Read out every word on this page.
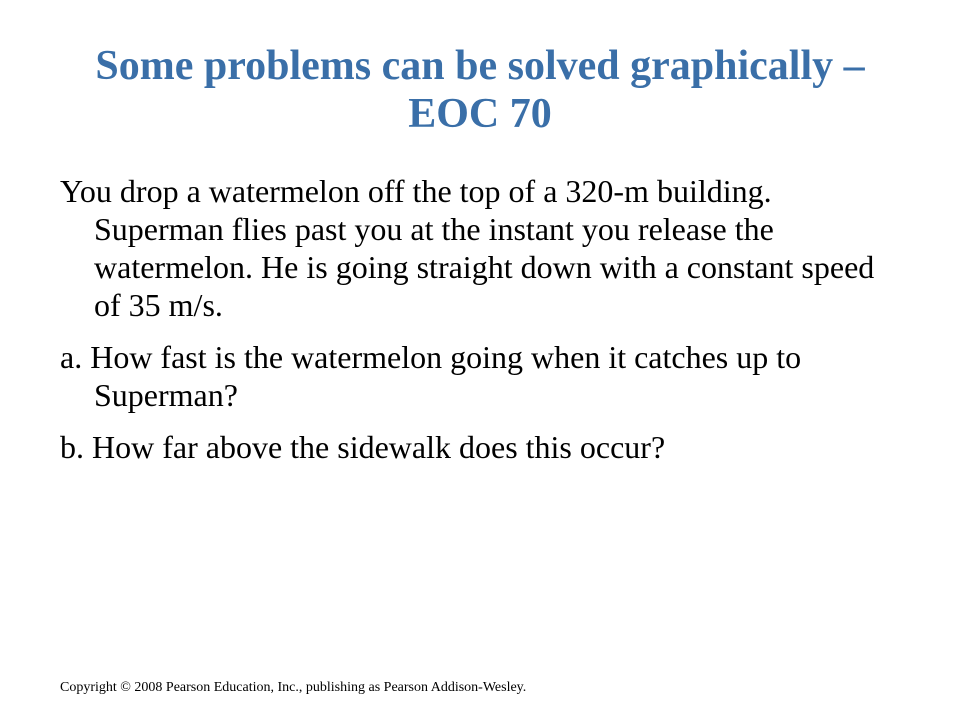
Some problems can be solved graphically –
EOC 70

You drop a watermelon off the top of a 320-m building. Superman flies past you at the instant you release the watermelon. He is going straight down with a constant speed of 35 m/s.

a. How fast is the watermelon going when it catches up to Superman?

b. How far above the sidewalk does this occur?

Copyright © 2008 Pearson Education, Inc., publishing as Pearson Addison-Wesley.
